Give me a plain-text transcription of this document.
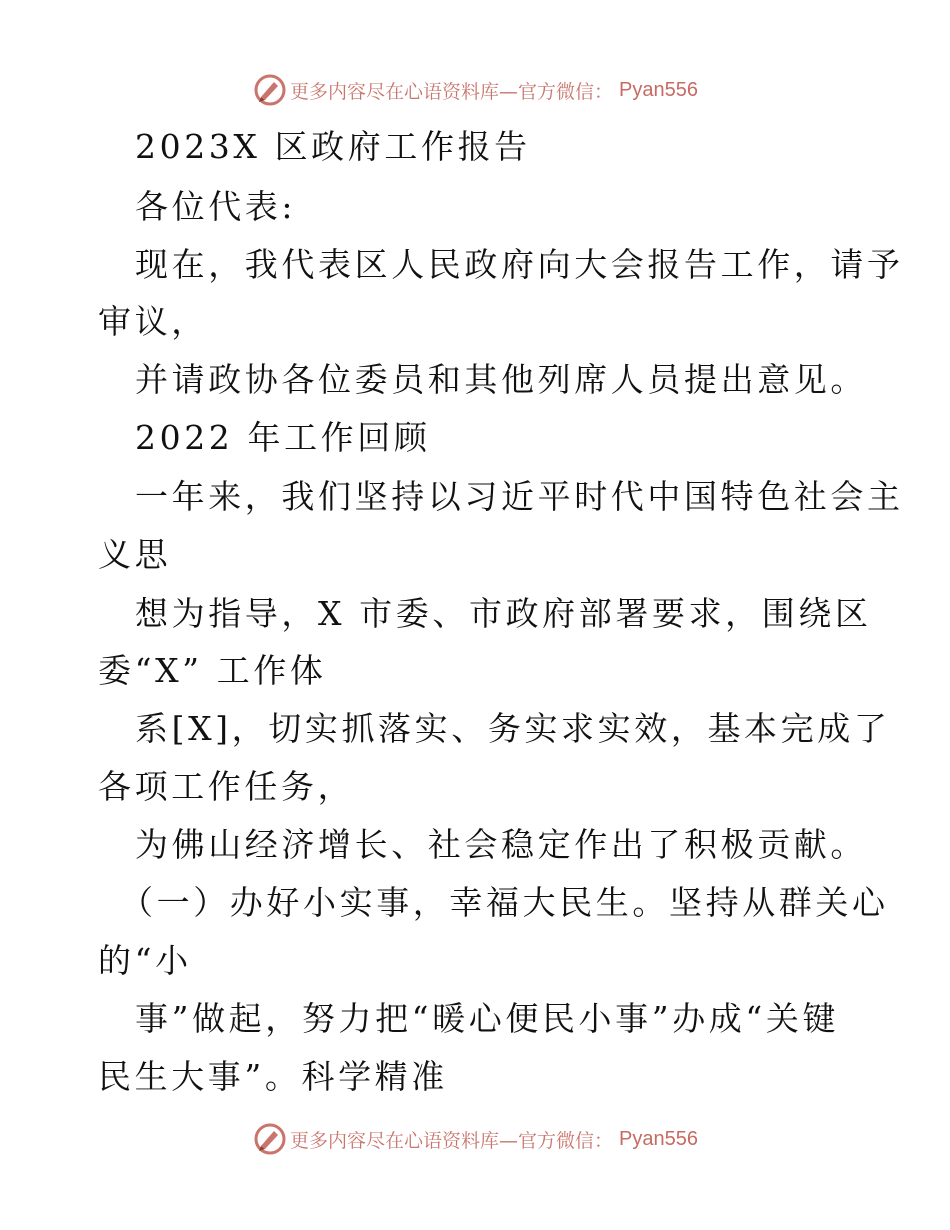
更多内容尽在心语资料库—官方微信： Pyan556
2023X 区政府工作报告
各位代表:
现在，我代表区人民政府向大会报告工作，请予
审议，
并请政协各位委员和其他列席人员提出意见。
2022 年工作回顾
一年来，我们坚持以习近平时代中国特色社会主
义思
想为指导，X 市委、市政府部署要求，围绕区
委“X” 工作体
系[X]，切实抓落实、务实求实效，基本完成了
各项工作任务，
为佛山经济增长、社会稳定作出了积极贡献。
（一）办好小实事，幸福大民生。坚持从群关心
的“小
事”做起，努力把“暖心便民小事”办成“关键
民生大事”。科学精准
更多内容尽在心语资料库—官方微信： Pyan556
